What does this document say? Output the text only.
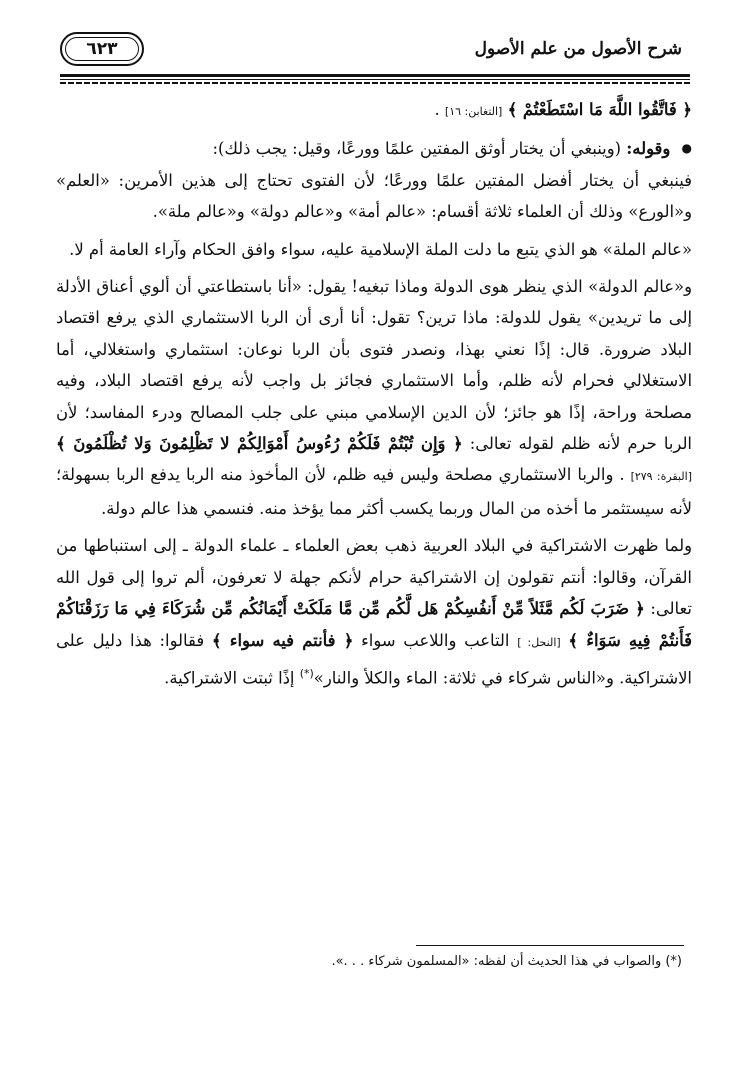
٦٢٣	شرح الأصول من علم الأصول

﴿ فَاتَّقُوا اللَّهَ مَا اسْتَطَعْتُمْ ﴾ [التغابن: ١٦] .

● وقوله: (وينبغي أن يختار أوثق المفتين علمًا وورعًا، وقيل: يجب ذلك):

فينبغي أن يختار أفضل المفتين علمًا وورعًا؛ لأن الفتوى تحتاج إلى هذين الأمرين: «العلم» و«الورع» وذلك أن العلماء ثلاثة أقسام: «عالم أمة» و«عالم دولة» و«عالم ملة».

«عالم الملة» هو الذي يتبع ما دلت الملة الإسلامية عليه، سواء وافق الحكام وآراء العامة أم لا.

و«عالم الدولة» الذي ينظر هوى الدولة وماذا تبغيه! يقول: «أنا باستطاعتي أن ألوي أعناق الأدلة إلى ما تريدين» يقول للدولة: ماذا ترين؟ تقول: أنا أرى أن الربا الاستثماري الذي يرفع اقتصاد البلاد ضرورة. قال: إذًا نعني بهذا، ونصدر فتوى بأن الربا نوعان: استثماري واستغلالي، أما الاستغلالي فحرام لأنه ظلم، وأما الاستثماري فجائز بل واجب لأنه يرفع اقتصاد البلاد، وفيه مصلحة وراحة، إذًا هو جائز؛ لأن الدين الإسلامي مبني على جلب المصالح ودرء المفاسد؛ لأن الربا حرم لأنه ظلم لقوله تعالى: ﴿ وَإِن تُبْتُمْ فَلَكُمْ رُءُوسُ أَمْوَالِكُمْ لا تَظْلِمُونَ وَلا تُظْلَمُونَ ﴾ [البقرة: ٢٧٩] . والربا الاستثماري مصلحة وليس فيه ظلم، لأن المأخوذ منه الربا يدفع الربا بسهولة؛ لأنه سيستثمر ما أخذه من المال وربما يكسب أكثر مما يؤخذ منه. فنسمي هذا عالم دولة.

ولما ظهرت الاشتراكية في البلاد العربية ذهب بعض العلماء ـ علماء الدولة ـ إلى استنباطها من القرآن، وقالوا: أنتم تقولون إن الاشتراكية حرام لأنكم جهلة لا تعرفون، ألم تروا إلى قول الله تعالى: ﴿ ضَرَبَ لَكُم مَّثَلاً مِّنْ أَنفُسِكُمْ هَل لَّكُم مِّن مَّا مَلَكَتْ أَيْمَانُكُم مِّن شُرَكَاءَ فِي مَا رَزَقْنَاكُمْ فَأَنتُمْ فِيهِ سَوَاءٌ ﴾ [النحل: ] التاعب واللاعب سواء ﴿ فأنتم فيه سواء ﴾ فقالوا: هذا دليل على الاشتراكية. و«الناس شركاء في ثلاثة: الماء والكلأ والنار»(*) إذًا ثبتت الاشتراكية.

(*) والصواب في هذا الحديث أن لفظه: «المسلمون شركاء . . .».
